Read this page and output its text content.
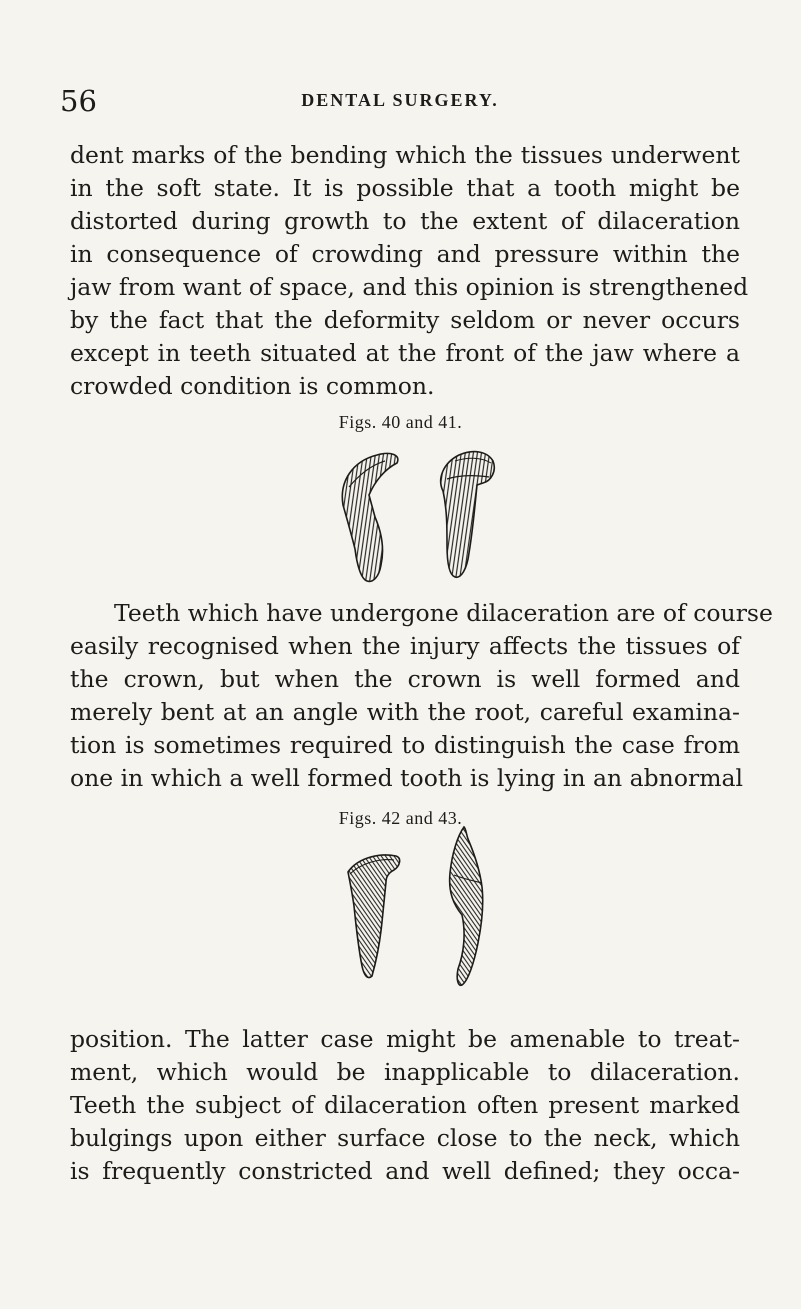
56	DENTAL SURGERY.
dent marks of the bending which the tissues underwent
in the soft state. It is possible that a tooth might be
distorted during growth to the extent of dilaceration
in consequence of crowding and pressure within the
jaw from want of space, and this opinion is strengthened
by the fact that the deformity seldom or never occurs
except in teeth situated at the front of the jaw where a
crowded condition is common.
Figs. 40 and 41.
Teeth which have undergone dilaceration are of course
easily recognised when the injury affects the tissues of
the crown, but when the crown is well formed and
merely bent at an angle with the root, careful examina-
tion is sometimes required to distinguish the case from
one in which a well formed tooth is lying in an abnormal
Figs. 42 and 43.
position. The latter case might be amenable to treat-
ment, which would be inapplicable to dilaceration.
Teeth the subject of dilaceration often present marked
bulgings upon either surface close to the neck, which
is frequently constricted and well defined; they occa-
